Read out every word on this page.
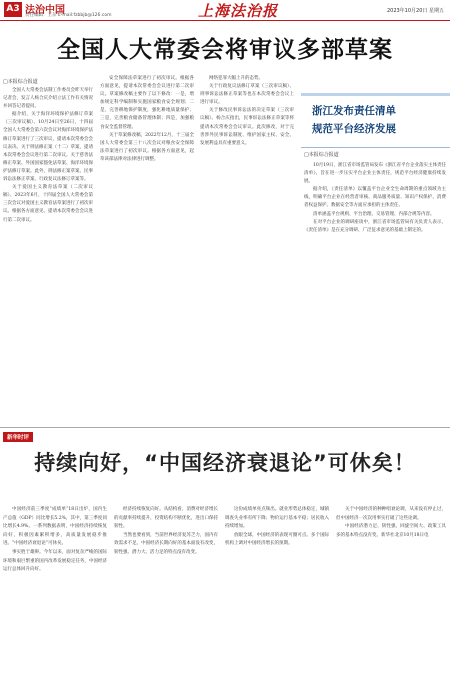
A3 法治中国
责任编辑：王东 E-mail:fzbbjb@126.com	上海法治报	2023年10月20日 星期五
全国人大常委会将审议多部草案
□本报综合报道

全国人大常委会法制工作委员会昨天举行记者会，发言人杨合庆介绍立法工作有关情况并回答记者提问。

据介绍，关于海洋环境保护法修订草案（三次审议稿）、10月24日至26日，十四届全国人大常委会第六次会议对海洋环境保护法修订草案进行了三次审议，提请本次常委会会议表决。关于刑法修正案（十二）草案，提请本次常委会会议进行第二次审议。关于慈善法修正草案、外国国家豁免法草案、海洋环境保护法修订草案。此外，刑法修正案草案、民事诉讼法修正草案、行政复议法修订草案等。

关于爱国主义教育法草案（二次审议稿）、2023年6月，十四届全国人大常委会第三次会议对爱国主义教育法草案进行了初次审议。根据各方面意见，提请本次常委会会议进行第二次审议。

安全保障法草案进行了初次审议。根据各方面意见，提请本次常委会会议进行第二次审议。草案修改稿主要作了以下修改：一是，增加规定科学编制和实施国家粮食安全规划；二是，完善耕地保护制度，强化耕地质量保护；三是，完善粮食储备管理体制；四是，加强粮食安全监督管理。

关于草案修改稿，2022年12月，十三届全国人大常委会第三十八次会议对粮食安全保障法草案进行了初次审议。根据各方面意见，起草该部法律对法律进行调整。

网络犯罪大幅上升的态势。

关于行政复议法修订草案（三次审议稿）、刑事诉讼法修正草案等也在本次常委会会议上进行审议。

关于修改民事诉讼法的决定草案（三次审议稿）。杨合庆指出，民事诉讼法修正草案等将提请本次常委会会议审议。此次修改，对于完善涉外民事诉讼制度、维护国家主权、安全、发展利益具有重要意义。

浙江发布责任清单
规范平台经济发展
□本报综合报道

10月19日，浙江省市场监管局发布《浙江省平台企业落实主体责任清单》，旨在进一步压实平台企业主体责任，规范平台经济健康持续发展。

据介绍，《责任清单》以覆盖平台企业全生命周期的重点领域为主线，明确平台企业在经营者审核、商品服务质量、知识产权保护、消费者权益保护、数据安全等方面应承担的主体责任。

清单涵盖平台规则、平台治理、交易管理、内部合规等内容。

在对平台企业的调研座谈中，浙江省市场监管局有关负责人表示，《责任清单》是在充分调研、广泛征求意见的基础上制定的。

新华时评
持续向好，“中国经济衰退论”可休矣！

中国经济前三季度“成绩单”18日出炉，国内生产总值（GDP）同比增长5.2%，其中，第三季度同比增长4.9%。一系列数据表明，中国经济持续恢复向好，积极因素累积增多，高质量发展稳步推进。“中国经济衰退论”可休矣。

事实胜于雄辩。今年以来，面对复杂严峻的国际环境和艰巨繁重的国内改革发展稳定任务，中国经济运行总体回升向好。

经济持续恢复向好。从结构看，消费对经济增长的贡献率持续提升，投资结构不断优化，进出口保持韧性。

当然也要看到，当前世界经济复苏乏力，国内有效需求不足。中国经济长期向好的基本面没有改变，韧性强、潜力大、活力足的特点没有改变。

这份成绩单亮点频出。就业形势总体稳定，城镇调查失业率有所下降；物价运行基本平稳；居民收入持续增加。

放眼全球，中国经济的表现可圈可点。多个国际机构上调对中国经济增长的预期。

关于中国经济的种种唱衰论调，从来没有停止过，但中国经济一次次用事实打破了这些论调。

中国经济潜力足、韧性强、回旋空间大、政策工具多的基本特点没有变。新华社北京10月18日电
